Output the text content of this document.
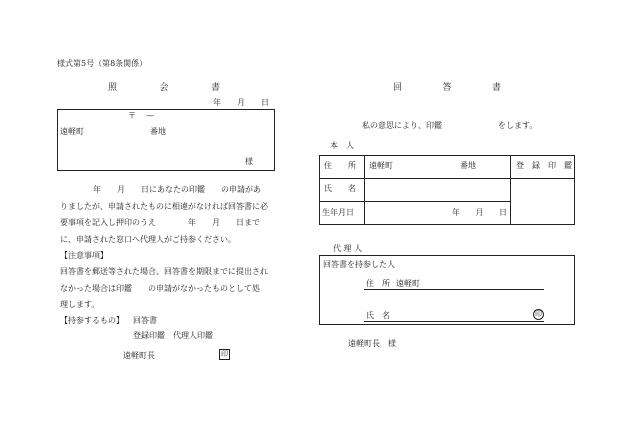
様式第5号（第8条関係）
照	会	書
年 月 日
〒 —
遠軽町	番地
様
年　　月　　日にあなたの印鑑　　の申請があ
りましたが、申請されたものに相違がなければ回答書に必
要事項を記入し押印のうえ　　　　年　　月　　日まで
に、申請された窓口へ代理人がご持参ください。
【注意事項】
回答書を郵送等された場合、回答書を期限までに提出され
なかった場合は印鑑　　の申請がなかったものとして処
理します。
【持参するもの】 回答書
登録印鑑　代理人印鑑
遠軽町長	印
回	答	書
私の意思により、印鑑　　　　　　　をします。
本　人
住　　所 遠軽町	番地
氏　　名
生年月日	年 月 日
登　録　印　鑑
代 理 人
回答書を持参した人
住　所 遠軽町
氏　名	印
遠軽町長　様
